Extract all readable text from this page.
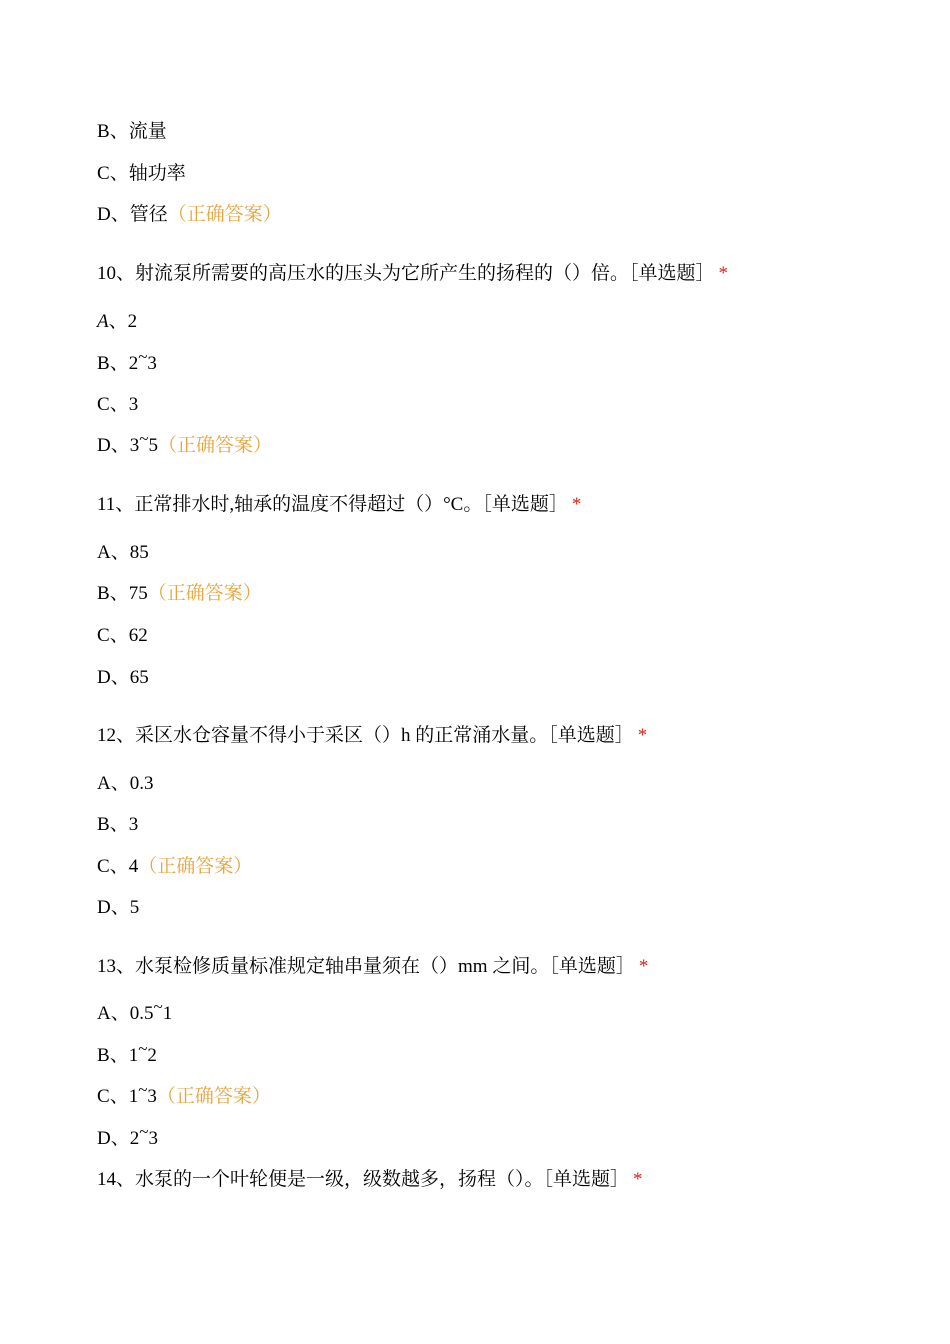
B、流量
C、轴功率
D、管径（正确答案）
10、射流泵所需要的高压水的压头为它所产生的扬程的（）倍。［单选题］ *
A、2
B、2~3
C、3
D、3~5（正确答案）
11、正常排水时,轴承的温度不得超过（）°C。［单选题］ *
A、85
B、75（正确答案）
C、62
D、65
12、采区水仓容量不得小于采区（）h 的正常涌水量。［单选题］ *
A、0.3
B、3
C、4（正确答案）
D、5
13、水泵检修质量标准规定轴串量须在（）mm 之间。［单选题］ *
A、0.5~1
B、1~2
C、1~3（正确答案）
D、2~3
14、水泵的一个叶轮便是一级，级数越多，扬程（）。［单选题］ *
